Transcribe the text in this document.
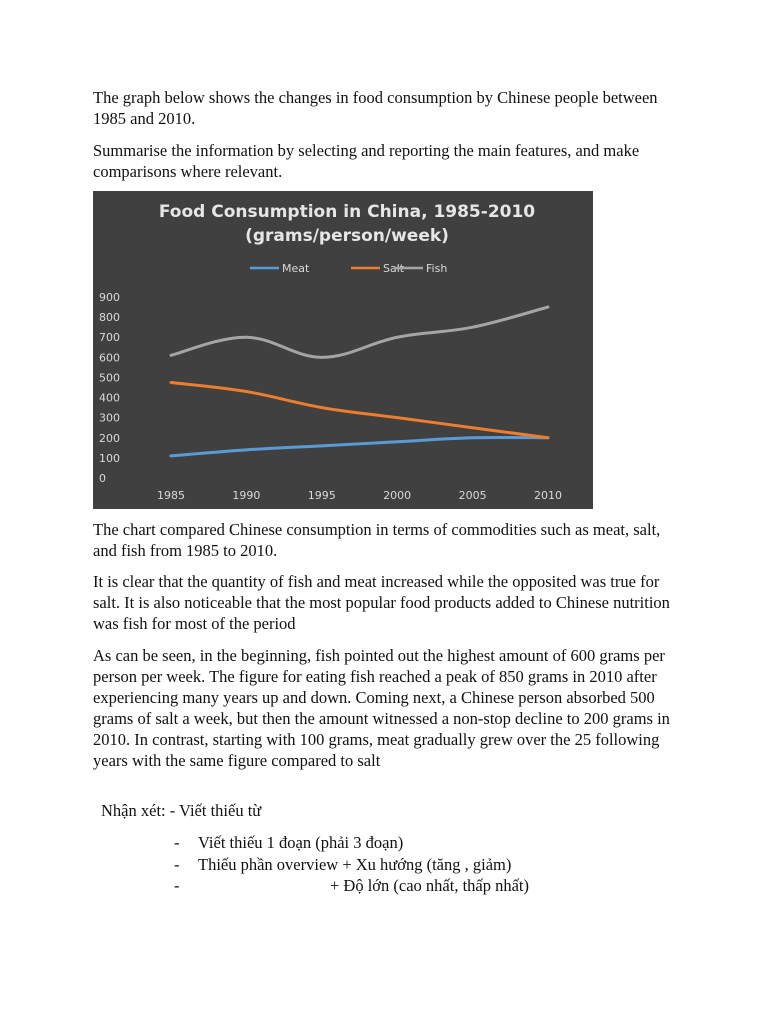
The graph below shows the changes in food consumption by Chinese people between 1985 and 2010.

Summarise the information by selecting and reporting the main features, and make comparisons where relevant.

Food Consumption in China, 1985-2010
(grams/person/week)
Meat	Salt Fish
0
100
200
300
400
500
600
700
800
900
1985	1990	1995	2000	2005	2010

The chart compared Chinese consumption in terms of commodities such as meat, salt, and fish from 1985 to 2010.

It is clear that the quantity of fish and meat increased while the opposited was true for salt. It is also noticeable that the most popular food products added to Chinese nutrition was fish for most of the period

As can be seen, in the beginning, fish pointed out the highest amount of 600 grams per person per week. The figure for eating fish reached a peak of 850 grams in 2010 after experiencing many years up and down. Coming next, a Chinese person absorbed 500 grams of salt a week, but then the amount witnessed a non-stop decline to 200 grams in 2010. In contrast, starting with 100 grams, meat gradually grew over the 25 following years with the same figure compared to salt

Nhận xét: - Viết thiếu từ

- Viết thiếu 1 đoạn (phải 3 đoạn)
- Thiếu phần overview + Xu hướng (tăng , giảm)
- + Độ lớn (cao nhất, thấp nhất)
